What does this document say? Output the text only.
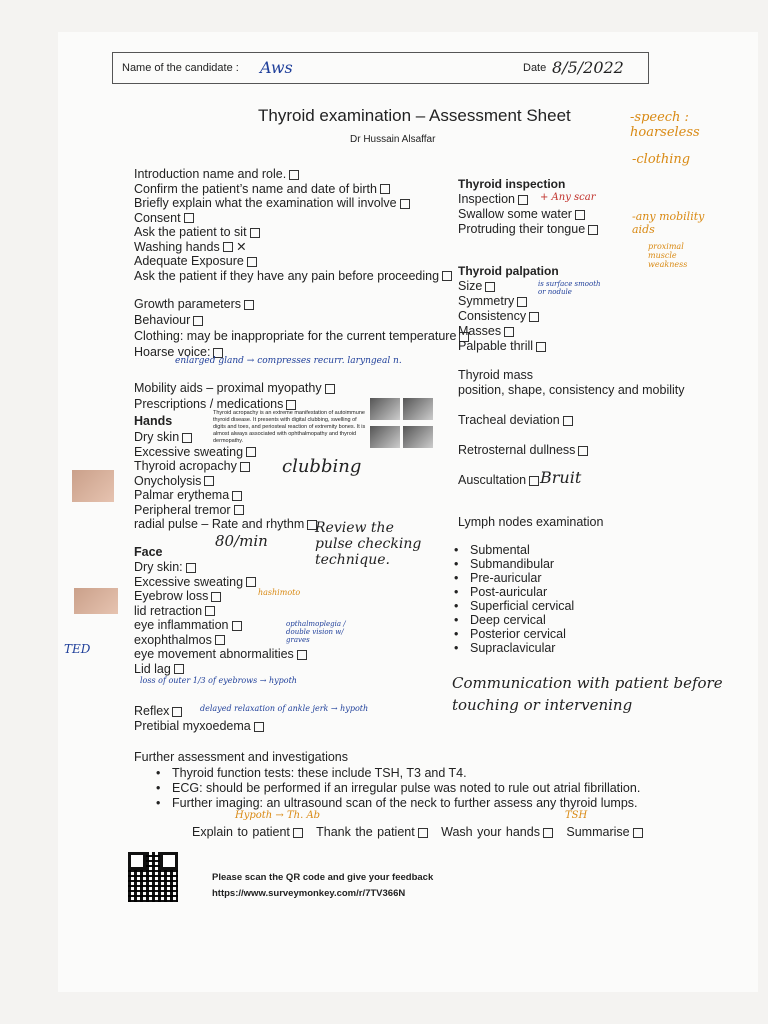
Name of the candidate : Aws	Date 8/5/2022
Thyroid examination – Assessment Sheet
Dr Hussain Alsaffar
Introduction name and role.
Confirm the patient’s name and date of birth
Briefly explain what the examination will involve
Consent
Ask the patient to sit
Washing hands ✕
Adequate Exposure
Ask the patient if they have any pain before proceeding
Growth parameters
Behaviour
Clothing: may be inappropriate for the current temperature
Hoarse voice:
Mobility aids – proximal myopathy
Prescriptions / medications
enlarged gland → compresses recurr. laryngeal n.
Hands
Thyroid acropachy is an extreme manifestation of autoimmune thyroid disease. It presents with digital clubbing, swelling of digits and toes, and periosteal reaction of extremity bones. It is almost always associated with ophthalmopathy and thyroid dermopathy.
Dry skin
Excessive sweating
Thyroid acropachy
Onycholysis
Palmar erythema
Peripheral tremor
radial pulse – Rate and rhythm
clubbing
80/min
Review the pulse checking technique.
Face
Dry skin:
Excessive sweating
Eyebrow loss
lid retraction
eye inflammation
exophthalmos
eye movement abnormalities
Lid lag
loss of outer 1/3 of eyebrows → hypoth
hashimoto
opthalmoplegia / double vision w/ graves
TED
Reflex
Pretibial myxoedema
delayed relaxation of ankle jerk → hypoth
Thyroid inspection
Inspection
Swallow some water
Protruding their tongue
+ Any scar
Thyroid palpation
Size
Symmetry
Consistency
Masses
Palpable thrill
is surface smooth or nodule
Thyroid mass
position, shape, consistency and mobility
Tracheal deviation
Retrosternal dullness
Auscultation Bruit
Lymph nodes examination
• Submental
• Submandibular
• Pre-auricular
• Post-auricular
• Superficial cervical
• Deep cervical
• Posterior cervical
• Supraclavicular
Communication with patient before touching or intervening
-speech : hoarseless
-clothing
-any mobility aids
proximal muscle weakness
Further assessment and investigations
• Thyroid function tests: these include TSH, T3 and T4.
• ECG: should be performed if an irregular pulse was noted to rule out atrial fibrillation.
• Further imaging: an ultrasound scan of the neck to further assess any thyroid lumps.
Hypoth → Th. Ab	TSH
Explain to patient Thank the patient Wash your hands Summarise
Please scan the QR code and give your feedback
https://www.surveymonkey.com/r/7TV366N
